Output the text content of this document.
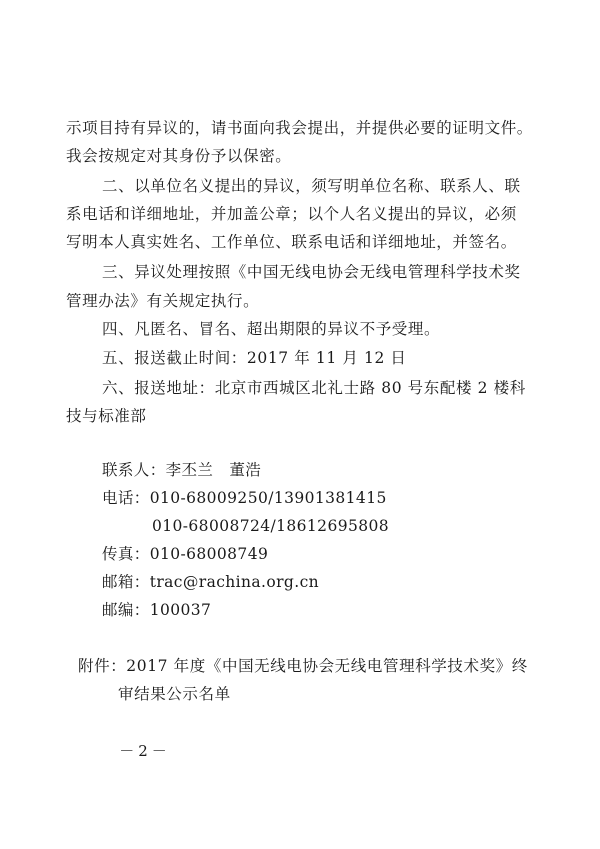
示项目持有异议的，请书面向我会提出，并提供必要的证明文件。
我会按规定对其身份予以保密。
二、以单位名义提出的异议，须写明单位名称、联系人、联
系电话和详细地址，并加盖公章；以个人名义提出的异议，必须
写明本人真实姓名、工作单位、联系电话和详细地址，并签名。
三、异议处理按照《中国无线电协会无线电管理科学技术奖
管理办法》有关规定执行。
四、凡匿名、冒名、超出期限的异议不予受理。
五、报送截止时间：2017 年 11 月 12 日
六、报送地址：北京市西城区北礼士路 80 号东配楼 2 楼科
技与标准部
联系人：李丕兰 董浩
电话：010-68009250/13901381415
010-68008724/18612695808
传真：010-68008749
邮箱：trac@rachina.org.cn
邮编：100037
附件：2017 年度《中国无线电协会无线电管理科学技术奖》终
审结果公示名单
－2－
